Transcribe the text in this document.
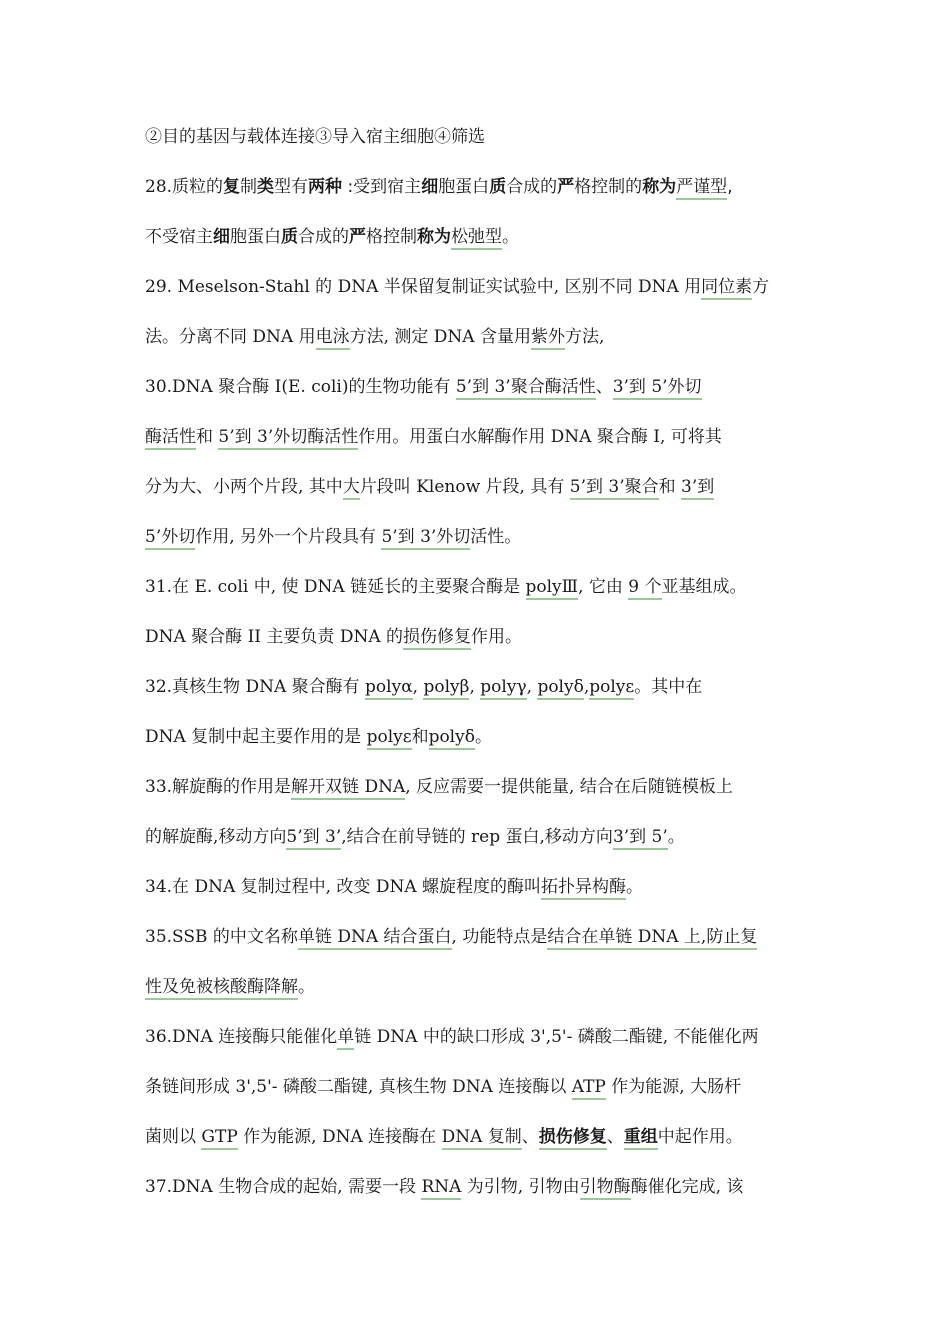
②目的基因与载体连接③导入宿主细胞④筛选
28.质粒的复制类型有两种 :受到宿主细胞蛋白质合成的严格控制的称为严谨型,
不受宿主细胞蛋白质合成的严格控制称为松弛型。
29. Meselson-Stahl 的 DNA 半保留复制证实试验中, 区别不同 DNA 用同位素方
法。分离不同 DNA 用电泳方法, 测定 DNA 含量用紫外方法,
30.DNA 聚合酶 I(E. coli)的生物功能有 5’到 3’聚合酶活性、3’到 5’外切
酶活性和 5’到 3’外切酶活性作用。用蛋白水解酶作用 DNA 聚合酶 I, 可将其
分为大、小两个片段, 其中大片段叫 Klenow 片段, 具有 5’到 3’聚合和 3’到
5’外切作用, 另外一个片段具有 5’到 3’外切活性。
31.在 E. coli 中, 使 DNA 链延长的主要聚合酶是 polyⅢ, 它由 9 个亚基组成。
DNA 聚合酶 II 主要负责 DNA 的损伤修复作用。
32.真核生物 DNA 聚合酶有 polyα, polyβ, polyγ, polyδ,polyε。其中在
DNA 复制中起主要作用的是 polyε和polyδ。
33.解旋酶的作用是解开双链 DNA, 反应需要一提供能量, 结合在后随链模板上
的解旋酶,移动方向5’到 3’,结合在前导链的 rep 蛋白,移动方向3’到 5’。
34.在 DNA 复制过程中, 改变 DNA 螺旋程度的酶叫拓扑异构酶。
35.SSB 的中文名称单链 DNA 结合蛋白, 功能特点是结合在单链 DNA 上,防止复
性及免被核酸酶降解。
36.DNA 连接酶只能催化单链 DNA 中的缺口形成 3',5'- 磷酸二酯键, 不能催化两
条链间形成 3',5'- 磷酸二酯键, 真核生物 DNA 连接酶以 ATP 作为能源, 大肠杆
菌则以 GTP 作为能源, DNA 连接酶在 DNA 复制、损伤修复、重组中起作用。
37.DNA 生物合成的起始, 需要一段 RNA 为引物, 引物由引物酶酶催化完成, 该
